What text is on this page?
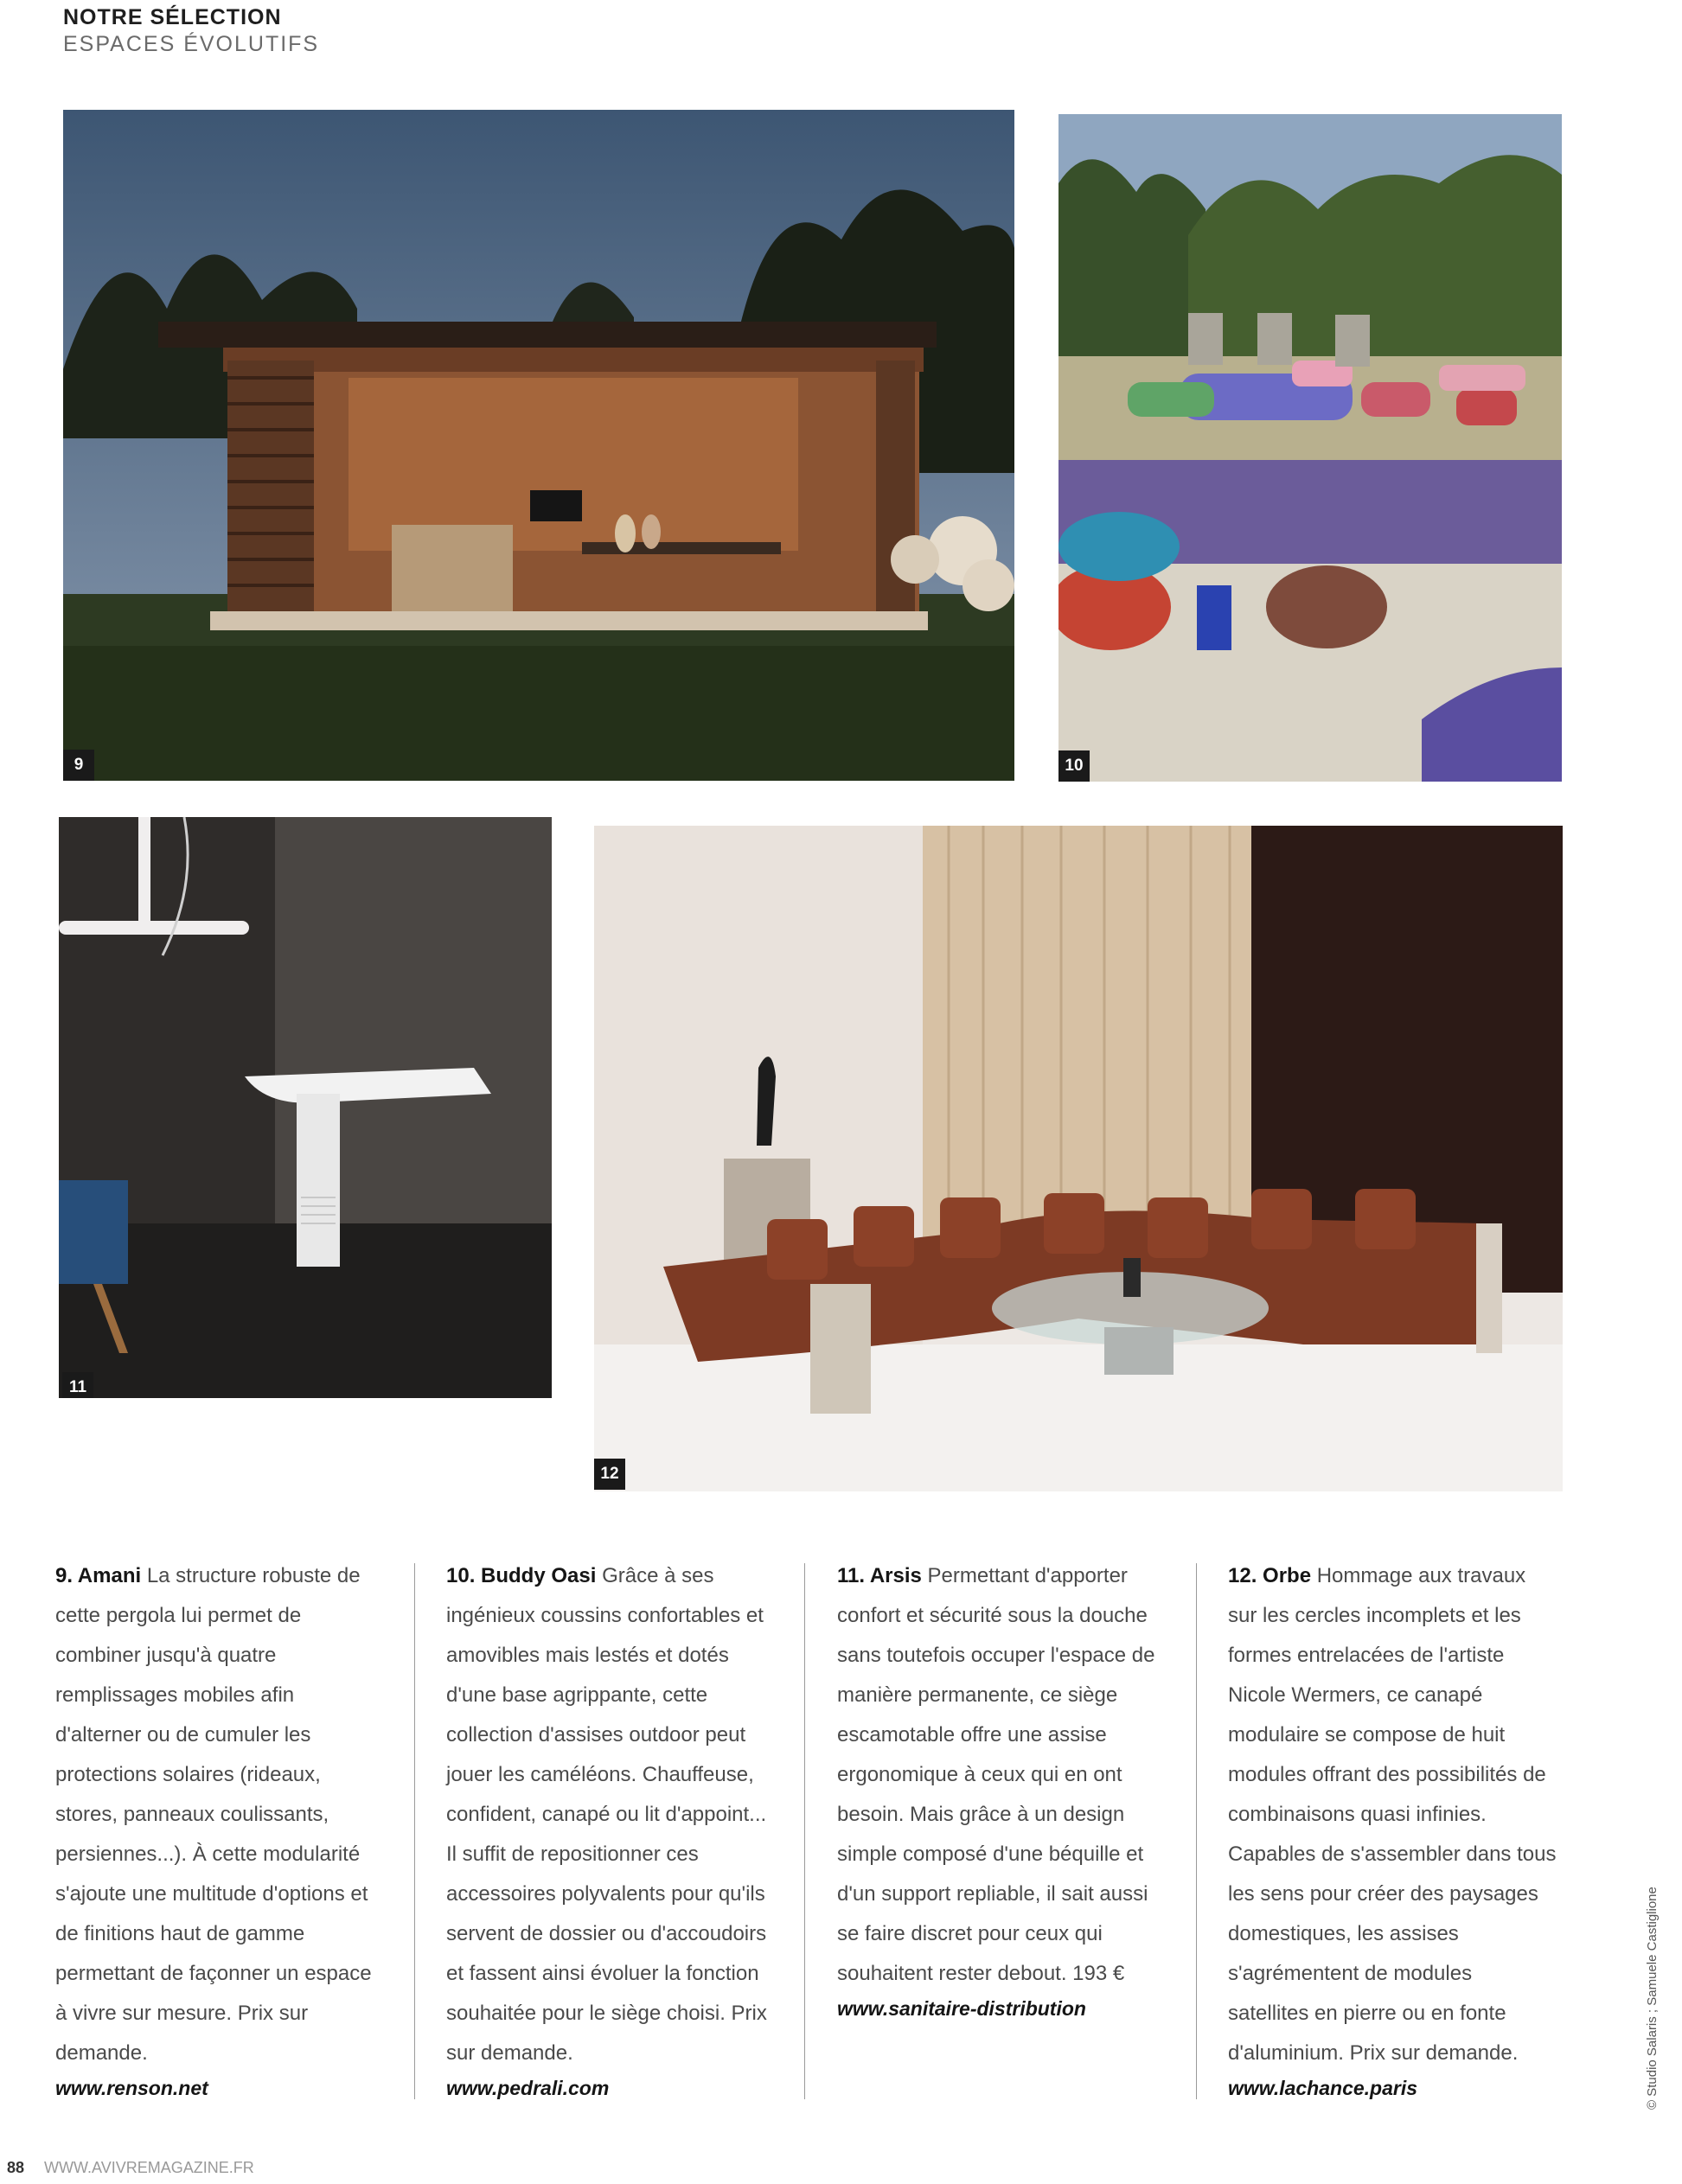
NOTRE SÉLECTION
ESPACES ÉVOLUTIFS
9	10
11
12

9. Amani La structure robuste de cette pergola lui permet de combiner jusqu'à quatre remplissages mobiles afin d'alterner ou de cumuler les protections solaires (rideaux, stores, panneaux coulissants, persiennes...). À cette modularité s'ajoute une multitude d'options et de finitions haut de gamme permettant de façonner un espace à vivre sur mesure. Prix sur demande.

www.renson.net

10. Buddy Oasi Grâce à ses ingénieux coussins confortables et amovibles mais lestés et dotés d'une base agrippante, cette collection d'assises outdoor peut jouer les caméléons. Chauffeuse, confident, canapé ou lit d'appoint... Il suffit de repositionner ces accessoires polyvalents pour qu'ils servent de dossier ou d'accoudoirs et fassent ainsi évoluer la fonction souhaitée pour le siège choisi. Prix sur demande.

www.pedrali.com

11. Arsis Permettant d'apporter confort et sécurité sous la douche sans toutefois occuper l'espace de manière permanente, ce siège escamotable offre une assise ergonomique à ceux qui en ont besoin. Mais grâce à un design simple composé d'une béquille et d'un support repliable, il sait aussi se faire discret pour ceux qui souhaitent rester debout. 193 €

www.sanitaire-distribution

12. Orbe Hommage aux travaux sur les cercles incomplets et les formes entrelacées de l'artiste Nicole Wermers, ce canapé modulaire se compose de huit modules offrant des possibilités de combinaisons quasi infinies. Capables de s'assembler dans tous les sens pour créer des paysages domestiques, les assises s'agrémentent de modules satellites en pierre ou en fonte d'aluminium. Prix sur demande.

www.lachance.paris	© Studio Salaris ; Samuele Castiglione
88 WWW.AVIVREMAGAZINE.FR
